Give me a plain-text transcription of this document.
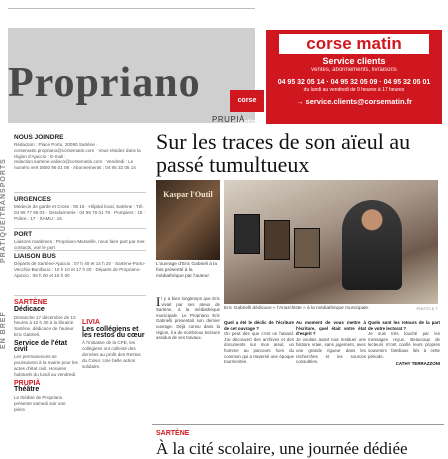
Propriano	corse matin
PRUPIÀ
corse matin
Service clients
ventes, abonnements, livraisons
04 95 32 05 14 · 04 95 32 05 09 · 04 95 32 05 01
du lundi au vendredi de 9 heures à 17 heures
→ service.clients@corsematin.fr
PRATIQUE/TRANSPORTS
EN BREF
NOUS JOINDRE
Rédaction : Place Portu, 20090 Sartène · corsematin.propriano@corsematin.com · Vous résidez dans la région d'Ajaccio : E-mail : redaction.sartene.valinco@corsematin.com · Vendredi : Le numéro vert 0800 95 01 06 · Abonnements : 04 95 32 05 14
URGENCES
Médecin de garde et Cross : 06 16 · Hôpital local, Sartène : Tél. 04 95 77 95 04 · Gendarmerie : 04 95 76 01 78 · Pompiers : 18 · Police : 17 · SAMU : 15
PORT
Liaisons maritimes : Propriano-Marseille, nous faire part par mer, contacts, voir le port
LIAISON BUS
Départs de Sartène-Ajaccio : 07 h 40 et 14 h 20 · Sartène-Porto-Vecchio-Bonifacio : 10 h 10 et 17 h 30 · Départs de Propriano-Ajaccio : 08 h 00 et 15 h 00
SARTÈNE
Dédicace
Dimanche 17 décembre de 10 heures à 12 h 30 à la librairie Sartène, dédicace de l'auteur Eric Gabrieli.
Service de l'état civil
Les permanences se poursuivent à la mairie pour les actes d'état civil. Horaires habituels du lundi au vendredi.
PRUPIÀ
Théâtre
Le théâtre de Propriano présente samedi soir une pièce.
LIVIA
Les collégiens et les restos du cœur
À l'initiative de la CPE, les collégiens ont collecté des denrées au profit des Restos du Cœur. Une belle action solidaire.
Sur les traces de son aïeul au passé tumultueux
Kaspar l'Outil
L'ouvrage d'Eric Gabrieli à la fois présenté à la médiathèque par l'auteur.
Eric Gabrielli dédicace « l'Anarchiste » à la médiathèque municipale.	PHOTO E.T
I l y a bien longtemps que Eric vivait par ses aïeux de Sartène, à la médiathèque municipale. Le Propriano Eric Gabrielli présentait son dernier ouvrage. Déjà connu dans la région, il a de nombreux lecteurs assidus de ses travaux.
Quel a été le déclic de l'écriture de cet ouvrage ?
On peut dire que c'est un hasard. J'ai découvert des archives et des documents sur mon aïeul, un homme au parcours hors du commun qui a traversé une époque tourmentée.
Au moment de vous mettre à l'écriture, quel était votre état d'esprit ?
Je voulais avant tout restituer une histoire vraie, sans jugement, avec une grande rigueur dans les recherches et les sources consultées.
Quels sont les retours de la part de votre lectorat ?
Je suis très touché par les messages reçus. Beaucoup de lecteurs m'ont confié leurs propres souvenirs familiaux liés à cette période.
CATHY TERRAZZONI
SARTÈNE
À la cité scolaire, une journée dédiée
